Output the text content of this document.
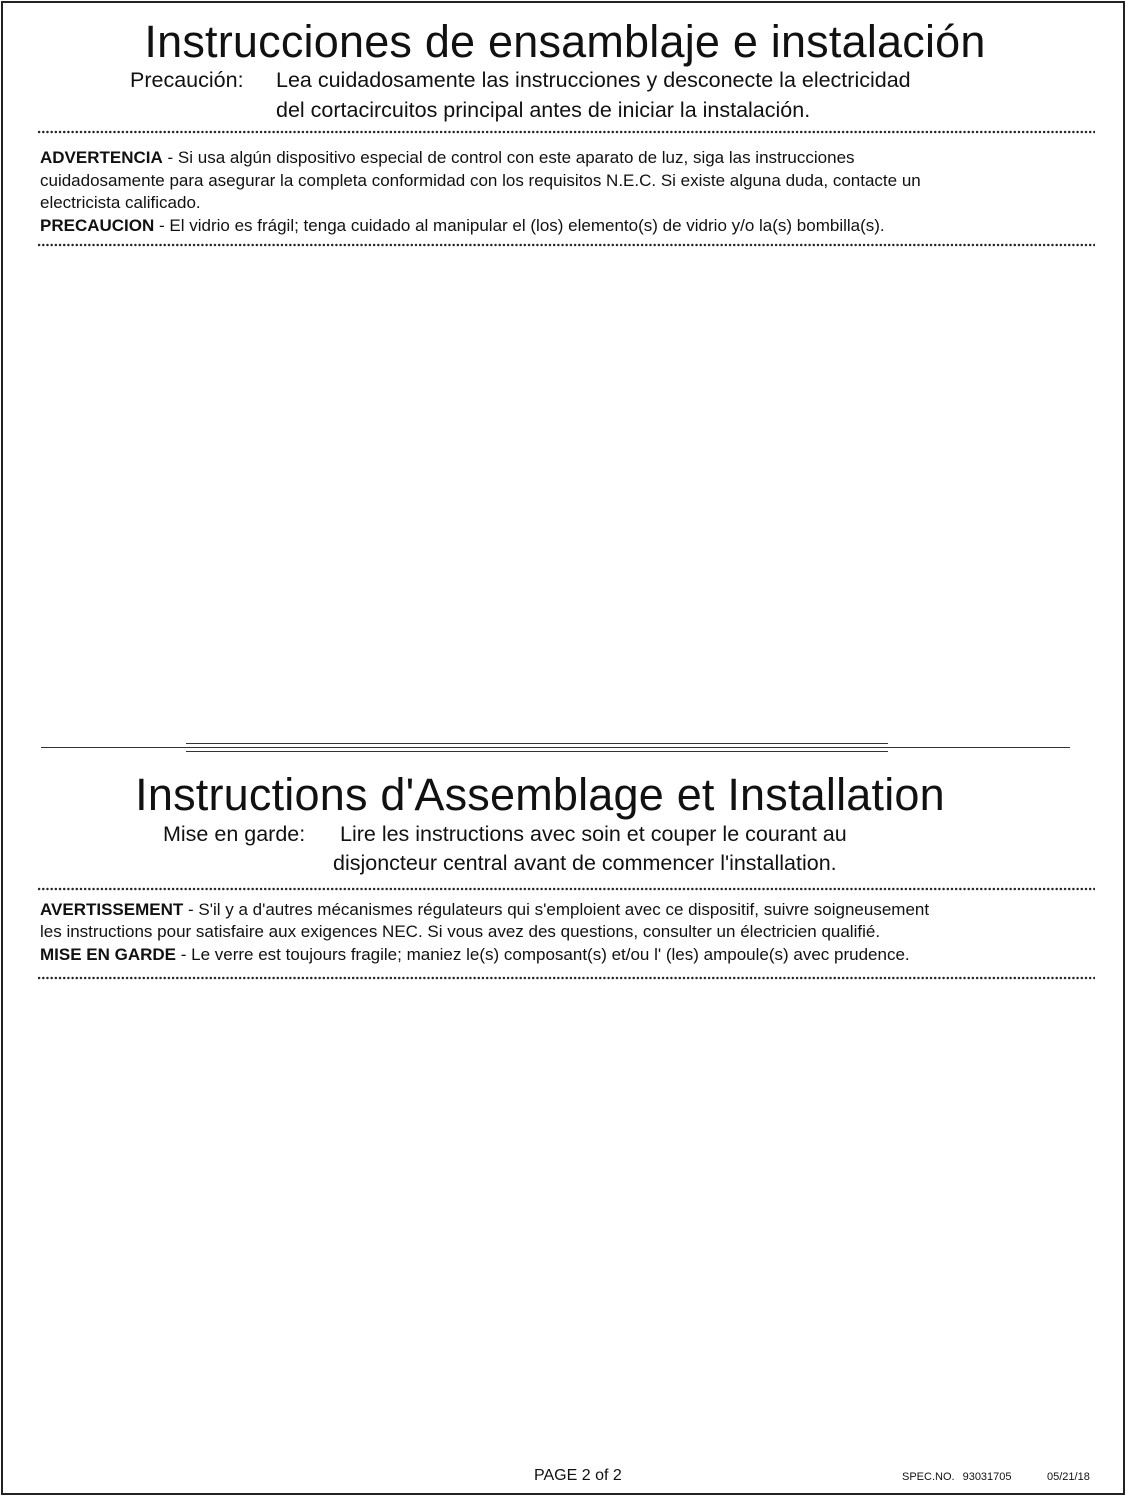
Instrucciones de ensamblaje e instalación
Precaución: Lea cuidadosamente las instrucciones y desconecte la electricidad
del cortacircuitos principal antes de iniciar la instalación.
ADVERTENCIA - Si usa algún dispositivo especial de control con este aparato de luz, siga las instrucciones
cuidadosamente para asegurar la completa conformidad con los requisitos N.E.C. Si existe alguna duda, contacte un
electricista calificado.
PRECAUCION - El vidrio es frágil; tenga cuidado al manipular el (los) elemento(s) de vidrio y/o la(s) bombilla(s).
Instructions d'Assemblage et Installation
Mise en garde: Lire les instructions avec soin et couper le courant au
disjoncteur central avant de commencer l'installation.
AVERTISSEMENT - S'il y a d'autres mécanismes régulateurs qui s'emploient avec ce dispositif, suivre soigneusement
les instructions pour satisfaire aux exigences NEC. Si vous avez des questions, consulter un électricien qualifié.
MISE EN GARDE - Le verre est toujours fragile; maniez le(s) composant(s) et/ou l' (les) ampoule(s) avec prudence.
PAGE 2 of 2	SPEC.NO. 93031705	05/21/18
